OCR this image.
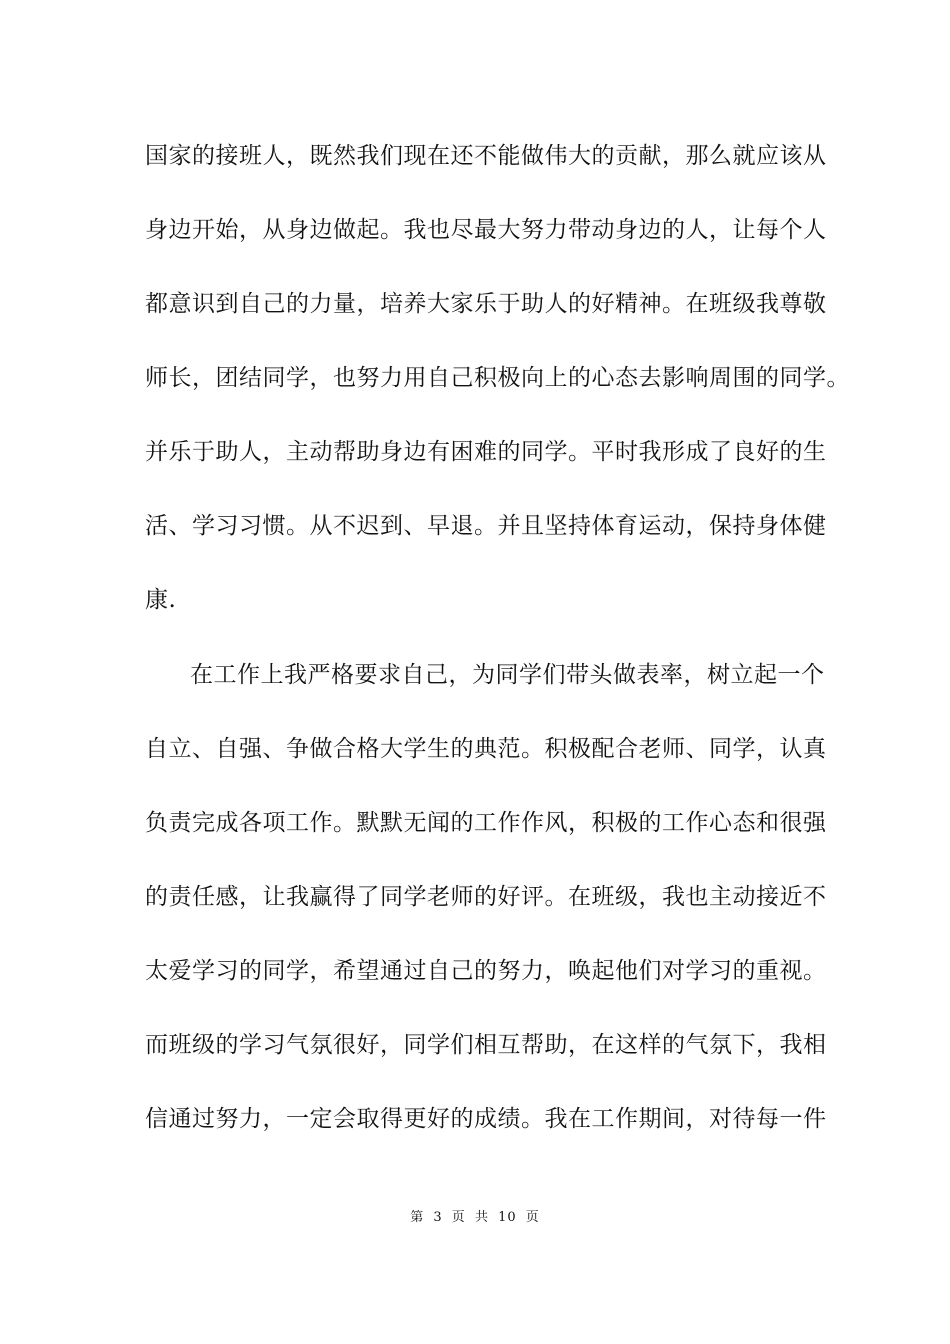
国家的接班人，既然我们现在还不能做伟大的贡献，那么就应该从
身边开始，从身边做起。我也尽最大努力带动身边的人，让每个人
都意识到自己的力量，培养大家乐于助人的好精神。在班级我尊敬
师长，团结同学，也努力用自己积极向上的心态去影响周围的同学。
并乐于助人，主动帮助身边有困难的同学。平时我形成了良好的生
活、学习习惯。从不迟到、早退。并且坚持体育运动，保持身体健
康.
在工作上我严格要求自己，为同学们带头做表率，树立起一个
自立、自强、争做合格大学生的典范。积极配合老师、同学，认真
负责完成各项工作。默默无闻的工作作风，积极的工作心态和很强
的责任感，让我赢得了同学老师的好评。在班级，我也主动接近不
太爱学习的同学，希望通过自己的努力，唤起他们对学习的重视。
而班级的学习气氛很好，同学们相互帮助，在这样的气氛下，我相
信通过努力，一定会取得更好的成绩。我在工作期间，对待每一件
第 3 页 共 10 页
